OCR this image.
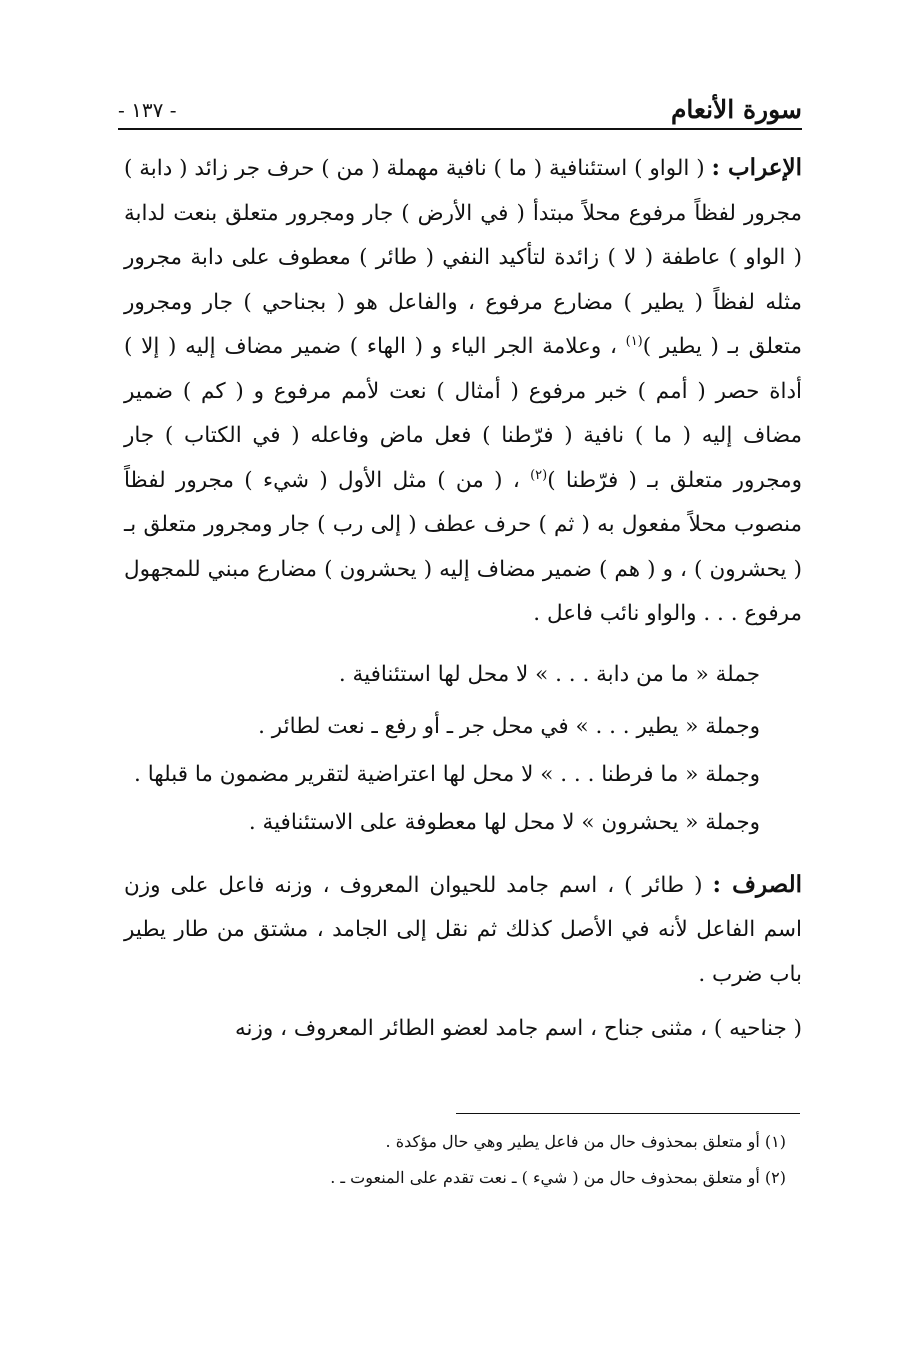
سورة الأنعام
- ١٣٧ -

الإعراب : ( الواو ) استئنافية ( ما ) نافية مهملة ( من ) حرف جر زائد ( دابة ) مجرور لفظاً مرفوع محلاً مبتدأ ( في الأرض ) جار ومجرور متعلق بنعت لدابة ( الواو ) عاطفة ( لا ) زائدة لتأكيد النفي ( طائر ) معطوف على دابة مجرور مثله لفظاً ( يطير ) مضارع مرفوع ، والفاعل هو ( بجناحي ) جار ومجرور متعلق بـ ( يطير )$^{(١)}$ ، وعلامة الجر الياء و ( الهاء ) ضمير مضاف إليه ( إلا ) أداة حصر ( أمم ) خبر مرفوع ( أمثال ) نعت لأمم مرفوع و ( كم ) ضمير مضاف إليه ( ما ) نافية ( فرّطنا ) فعل ماض وفاعله ( في الكتاب ) جار ومجرور متعلق بـ ( فرّطنا )$^{(٢)}$ ، ( من ) مثل الأول ( شيء ) مجرور لفظاً منصوب محلاً مفعول به ( ثم ) حرف عطف ( إلى رب ) جار ومجرور متعلق بـ ( يحشرون ) ، و ( هم ) ضمير مضاف إليه ( يحشرون ) مضارع مبني للمجهول مرفوع . . . والواو نائب فاعل .

جملة « ما من دابة . . . » لا محل لها استئنافية .

وجملة « يطير . . . » في محل جر ـ أو رفع ـ نعت لطائر .

وجملة « ما فرطنا . . . » لا محل لها اعتراضية لتقرير مضمون ما قبلها .

وجملة « يحشرون » لا محل لها معطوفة على الاستئنافية .

الصرف : ( طائر ) ، اسم جامد للحيوان المعروف ، وزنه فاعل على وزن اسم الفاعل لأنه في الأصل كذلك ثم نقل إلى الجامد ، مشتق من طار يطير باب ضرب .

( جناحيه ) ، مثنى جناح ، اسم جامد لعضو الطائر المعروف ، وزنه

(١) أو متعلق بمحذوف حال من فاعل يطير وهي حال مؤكدة .

(٢) أو متعلق بمحذوف حال من ( شيء ) ـ نعت تقدم على المنعوت ـ .
